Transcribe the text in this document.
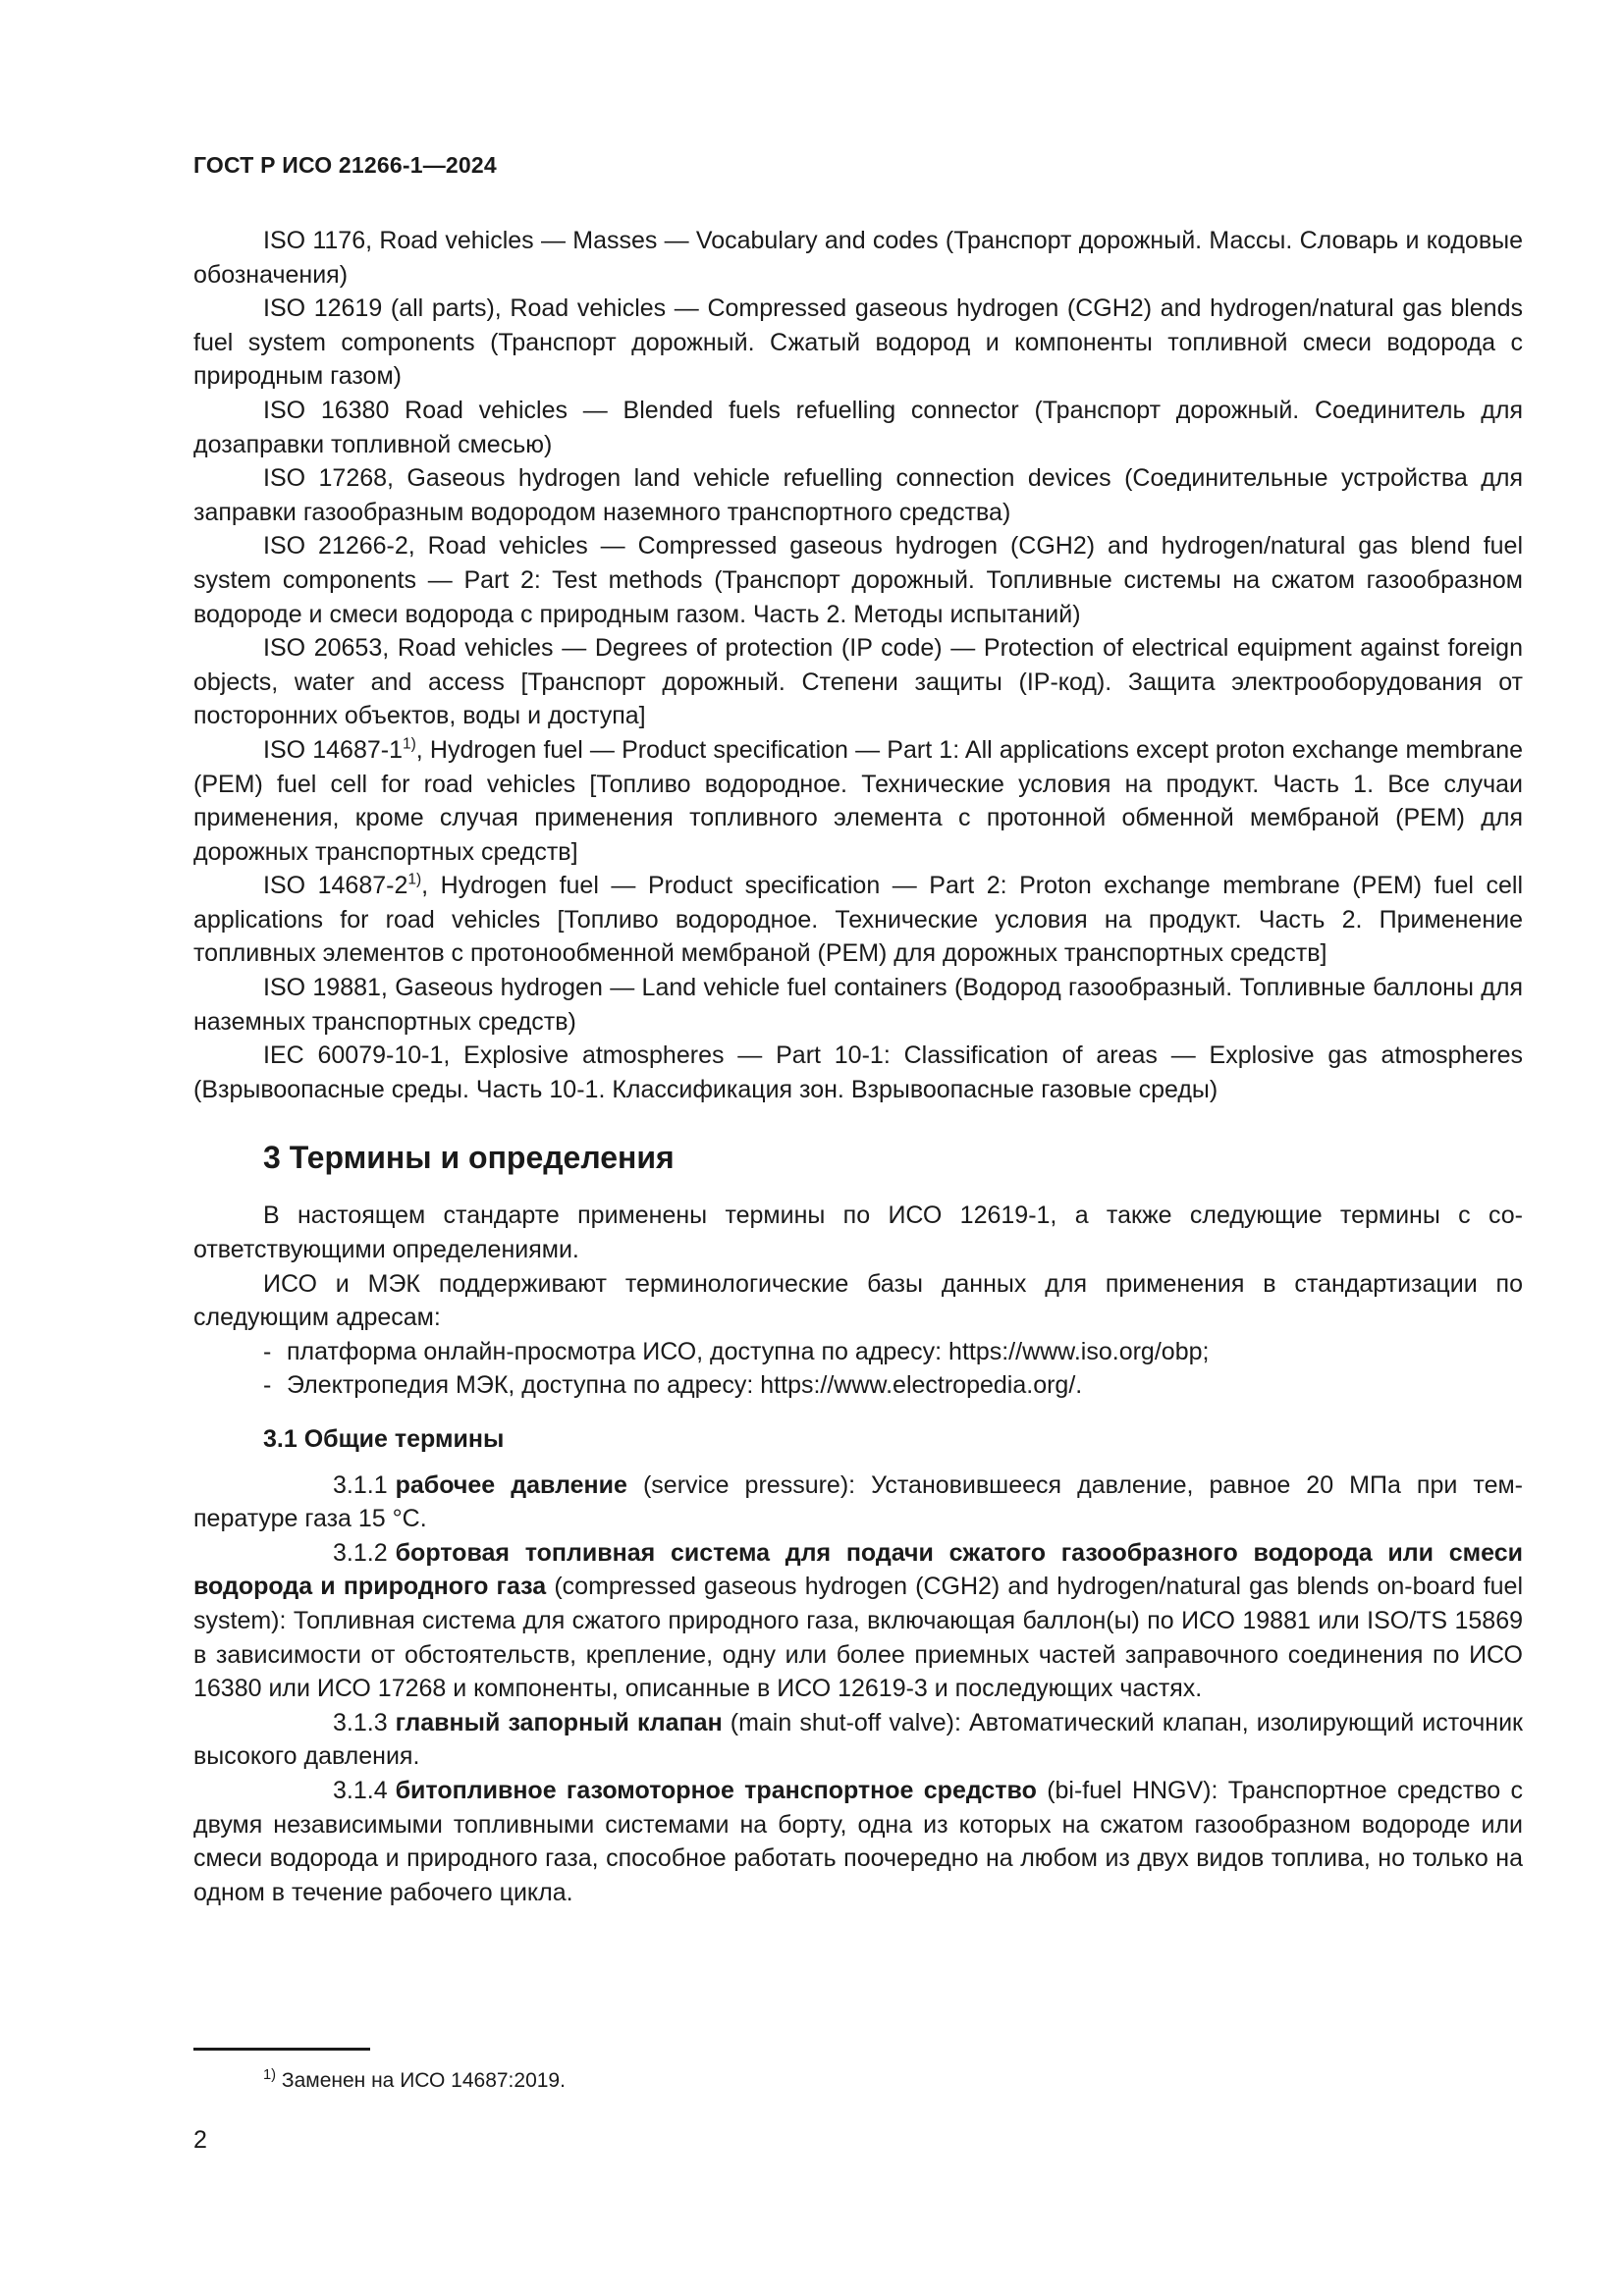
ГОСТ Р ИСО 21266-1—2024

ISO 1176, Road vehicles — Masses — Vocabulary and codes (Транспорт дорожный. Массы. Словарь и кодовые обозначения)

ISO 12619 (all parts), Road vehicles — Compressed gaseous hydrogen (CGH2) and hydrogen/natural gas blends fuel system components (Транспорт дорожный. Сжатый водород и компоненты топливной смеси водорода с природным газом)

ISO 16380 Road vehicles — Blended fuels refuelling connector (Транспорт дорожный. Соединитель для дозаправки топливной смесью)

ISO 17268, Gaseous hydrogen land vehicle refuelling connection devices (Соединительные устройства для заправки газообразным водородом наземного транспортного средства)

ISO 21266-2, Road vehicles — Compressed gaseous hydrogen (CGH2) and hydrogen/natural gas blend fuel system components — Part 2: Test methods (Транспорт дорожный. Топливные системы на сжатом газообразном водороде и смеси водорода с природным газом. Часть 2. Методы испытаний)

ISO 20653, Road vehicles — Degrees of protection (IP code) — Protection of electrical equipment against foreign objects, water and access [Транспорт дорожный. Степени защиты (IP-код). Защита электрооборудования от посторонних объектов, воды и доступа]

ISO 14687-1$^{1)}$, Hydrogen fuel — Product specification — Part 1: All applications except proton exchange membrane (PEM) fuel cell for road vehicles [Топливо водородное. Технические условия на продукт. Часть 1. Все случаи применения, кроме случая применения топливного элемента с протонной обменной мембраной (PEM) для дорожных транспортных средств]

ISO 14687-2$^{1)}$, Hydrogen fuel — Product specification — Part 2: Proton exchange membrane (PEM) fuel cell applications for road vehicles [Топливо водородное. Технические условия на продукт. Часть 2. Применение топливных элементов с протонообменной мембраной (PEM) для дорожных транспортных средств]

ISO 19881, Gaseous hydrogen — Land vehicle fuel containers (Водород газообразный. Топливные баллоны для наземных транспортных средств)

IEC 60079-10-1, Explosive atmospheres — Part 10-1: Classification of areas — Explosive gas atmospheres (Взрывоопасные среды. Часть 10-1. Классификация зон. Взрывоопасные газовые среды)

3 Термины и определения

В настоящем стандарте применены термины по ИСО 12619-1, а также следующие термины с соответствующими определениями.

ИСО и МЭК поддерживают терминологические базы данных для применения в стандартизации по следующим адресам:

- платформа онлайн-просмотра ИСО, доступна по адресу: https://www.iso.org/obp;

- Электропедия МЭК, доступна по адресу: https://www.electropedia.org/.

3.1 Общие термины

3.1.1 рабочее давление (service pressure): Установившееся давление, равное 20 МПа при температуре газа 15 °C.

3.1.2 бортовая топливная система для подачи сжатого газообразного водорода или смеси водорода и природного газа (compressed gaseous hydrogen (CGH2) and hydrogen/natural gas blends on-board fuel system): Топливная система для сжатого природного газа, включающая баллон(ы) по ИСО 19881 или ISO/TS 15869 в зависимости от обстоятельств, крепление, одну или более приемных частей заправочного соединения по ИСО 16380 или ИСО 17268 и компоненты, описанные в ИСО 12619-3 и последующих частях.

3.1.3 главный запорный клапан (main shut-off valve): Автоматический клапан, изолирующий источник высокого давления.

3.1.4 битопливное газомоторное транспортное средство (bi-fuel HNGV): Транспортное средство с двумя независимыми топливными системами на борту, одна из которых на сжатом газообразном водороде или смеси водорода и природного газа, способное работать поочередно на любом из двух видов топлива, но только на одном в течение рабочего цикла.

$^{1)}$ Заменен на ИСО 14687:2019.
2
